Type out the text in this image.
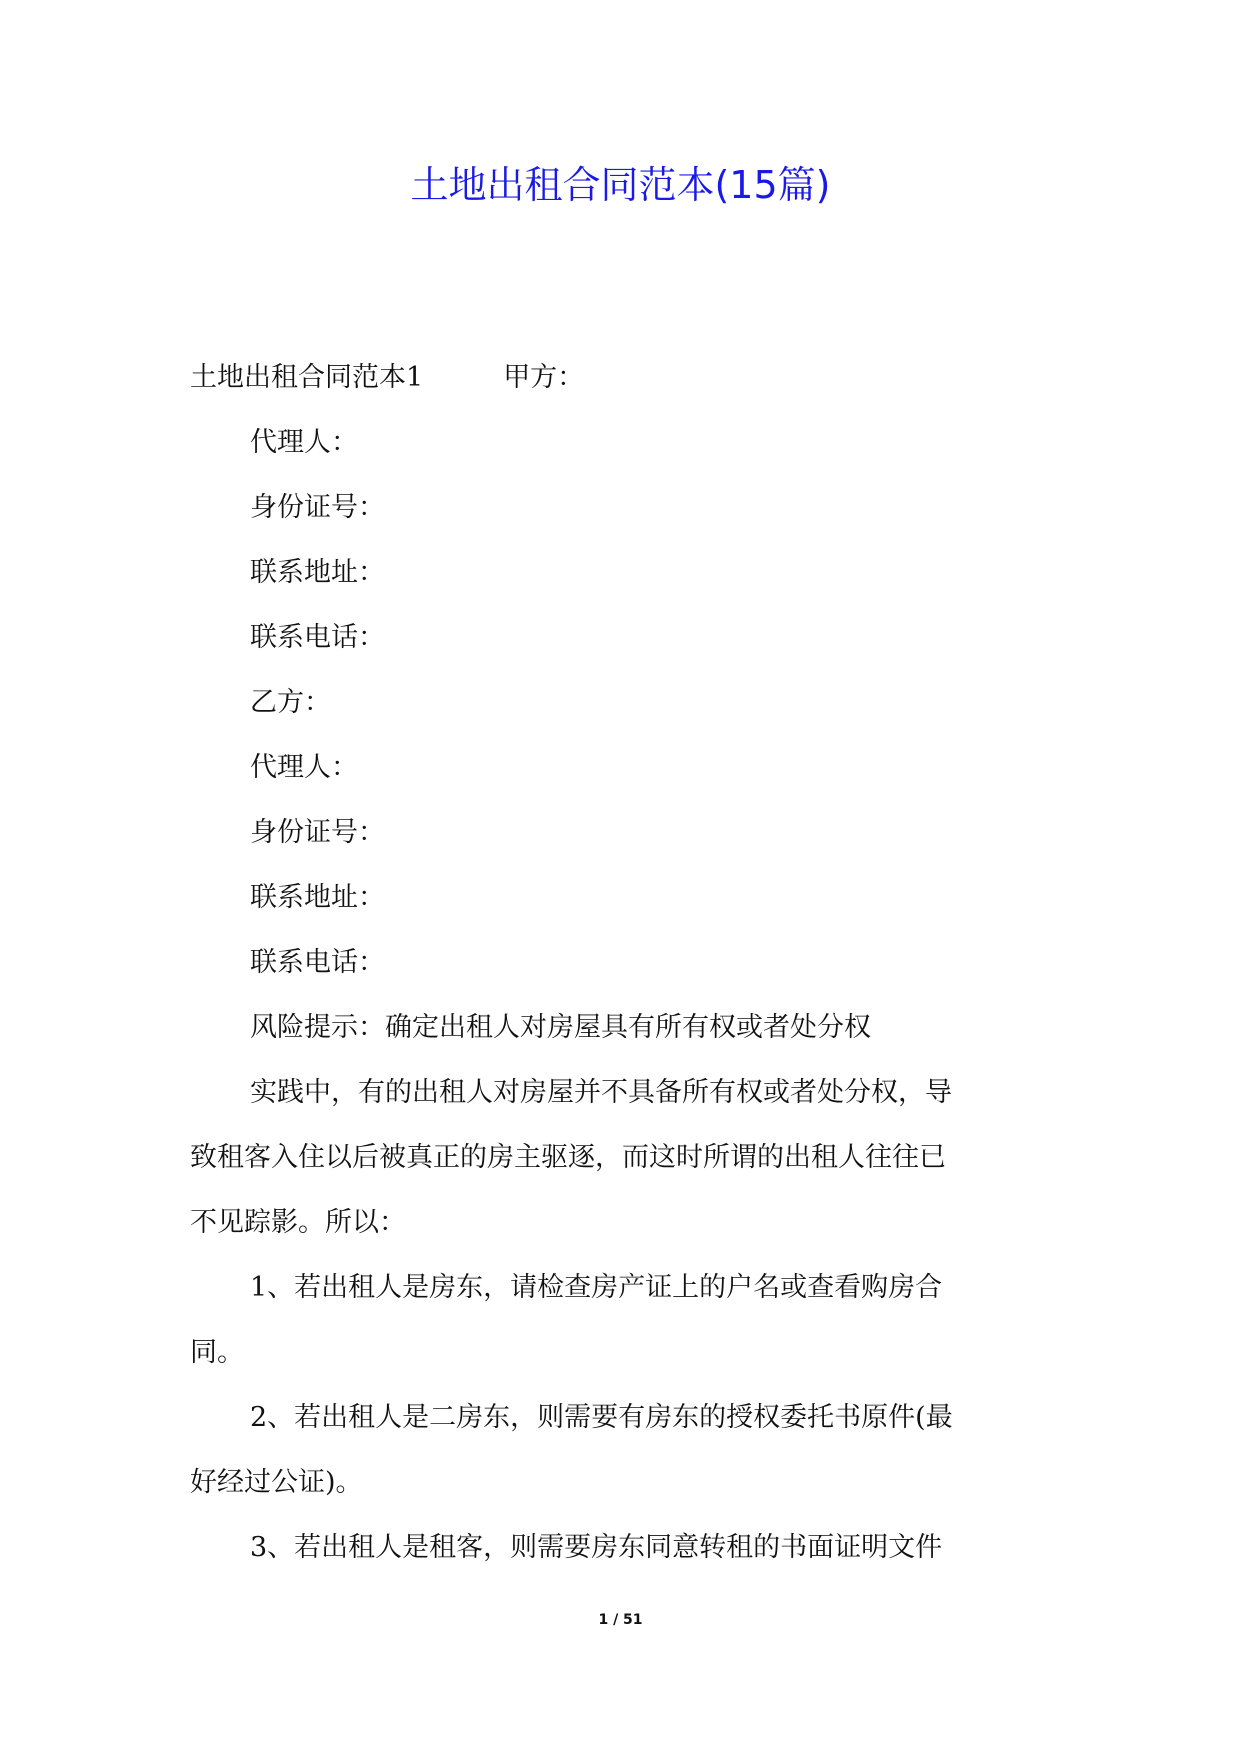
土地出租合同范本(15篇)

土地出租合同范本1	甲方：

代理人：

身份证号：

联系地址：

联系电话：

乙方：

代理人：

身份证号：

联系地址：

联系电话：

风险提示：确定出租人对房屋具有所有权或者处分权

实践中，有的出租人对房屋并不具备所有权或者处分权，导

致租客入住以后被真正的房主驱逐，而这时所谓的出租人往往已

不见踪影。所以：

1、若出租人是房东，请检查房产证上的户名或查看购房合

同。

2、若出租人是二房东，则需要有房东的授权委托书原件(最

好经过公证)。

3、若出租人是租客，则需要房东同意转租的书面证明文件

1 / 51
